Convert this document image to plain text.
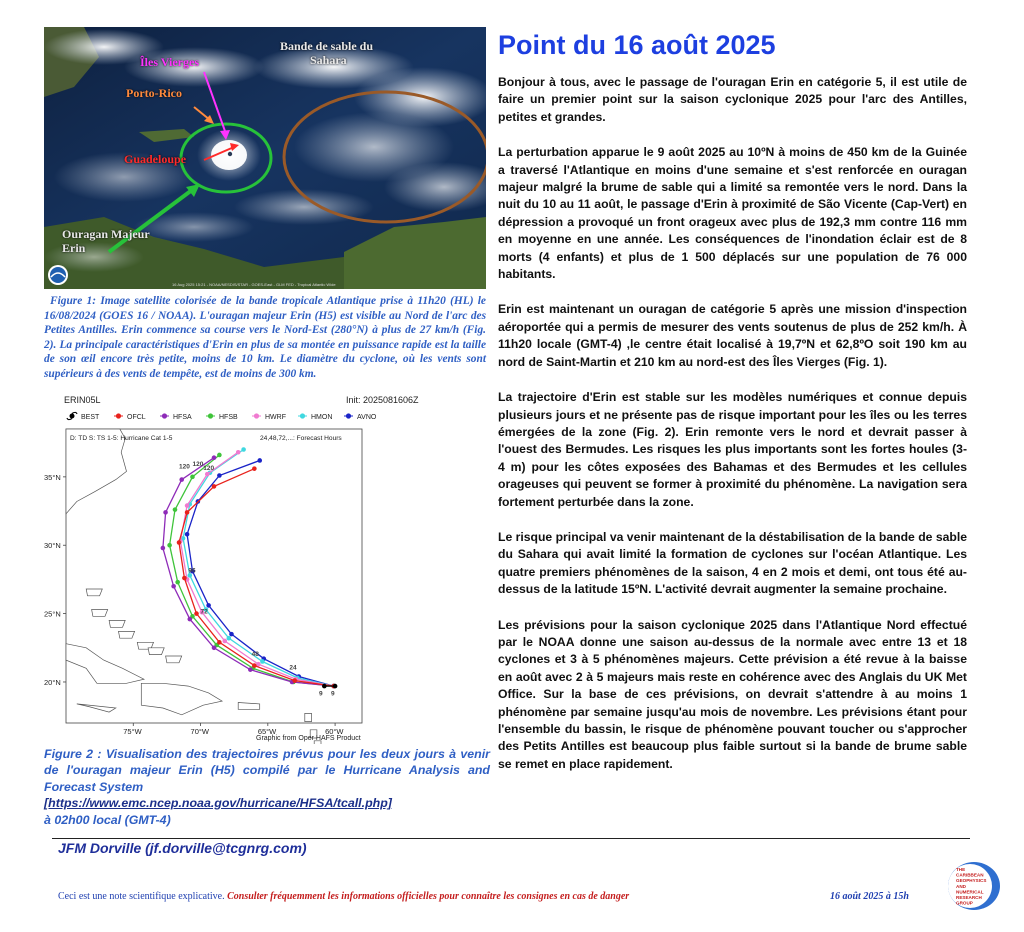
Îles Vierges
Porto-Rico
Guadeloupe
Ouragan Majeur
Erin
Bande de sable du
Sahara
16 Aug 2025 15:21 - NOAA/NESDIS/STAR - GOES-East - GLM FED - Tropical Atlantic Wide

Figure 1: Image satellite colorisée de la bande tropicale Atlantique prise à 11h20 (HL) le 16/08/2024 (GOES 16 / NOAA). L'ouragan majeur Erin (H5) est visible au Nord de l'arc des Petites Antilles. Erin commence sa course vers le Nord-Est (280°N) à plus de 27 km/h (Fig. 2). La principale caractéristiques d'Erin en plus de sa montée en puissance rapide est la taille de son œil encore très petite, moins de 10 km. Le diamètre du cyclone, où les vents sont supérieurs à des vents de tempête, est de moins de 300 km.

ERIN05L	Init: 2025081606Z
BEST	OFCL	HFSA	HFSB	HWRF	HMON	AVNO
D: TD S: TS 1-5: Hurricane Cat 1-5	24,48,72,...: Forecast Hours
75°W	70°W	65°W	60°W
20°N
25°N
30°N
35°N
120 120
120
72
96
48
24
9 9
Graphic from Oper HAFS Product

Figure 2 : Visualisation des trajectoires prévus pour les deux jours à venir de l'ouragan majeur Erin (H5) compilé par le Hurricane Analysis and Forecast System

[https://www.emc.ncep.noaa.gov/hurricane/HFSA/tcall.php]
à 02h00 local (GMT-4)
Point du 16 août 2025

Bonjour à tous, avec le passage de l'ouragan Erin en catégorie 5, il est utile de faire un premier point sur la saison cyclonique 2025 pour l'arc des Antilles, petites et grandes.

La perturbation apparue le 9 août 2025 au 10ºN à moins de 450 km de la Guinée a traversé l'Atlantique en moins d'une semaine et s'est renforcée en ouragan majeur malgré la brume de sable qui a limité sa remontée vers le nord. Dans la nuit du 10 au 11 août, le passage d'Erin à proximité de São Vicente (Cap-Vert) en dépression a provoqué un front orageux avec plus de 192,3 mm contre 116 mm en moyenne en une année. Les conséquences de l'inondation éclair est de 8 morts (4 enfants) et plus de 1 500 déplacés sur une population de 76 000 habitants.

Erin est maintenant un ouragan de catégorie 5 après une mission d'inspection aéroportée qui a permis de mesurer des vents soutenus de plus de 252 km/h. À 11h20 locale (GMT-4) ,le centre était localisé à 19,7ºN et 62,8ºO soit 190 km au nord de Saint-Martin et 210 km au nord-est des Îles Vierges (Fig. 1).

La trajectoire d'Erin est stable sur les modèles numériques et connue depuis plusieurs jours et ne présente pas de risque important pour les îles ou les terres émergées de la zone (Fig. 2). Erin remonte vers le nord et devrait passer à l'ouest des Bermudes. Les risques les plus importants sont les fortes houles (3-4 m) pour les côtes exposées des Bahamas et des Bermudes et les cellules orageuses qui peuvent se former à proximité du phénomène. La navigation sera fortement perturbée dans la zone.

Le risque principal va venir maintenant de la déstabilisation de la bande de sable du Sahara qui avait limité la formation de cyclones sur l'océan Atlantique. Les quatre premiers phénomènes de la saison, 4 en 2 mois et demi, ont tous été au-dessus de la latitude 15ºN. L'activité devrait augmenter la semaine prochaine.

Les prévisions pour la saison cyclonique 2025 dans l'Atlantique Nord effectué par le NOAA donne une saison au-dessus de la normale avec entre 13 et 18 cyclones et 3 à 5 phénomènes majeurs. Cette prévision a été revue à la baisse en août avec 2 à 5 majeurs mais reste en cohérence avec des Anglais du UK Met Office. Sur la base de ces prévisions, on devrait s'attendre à au moins 1 phénomène par semaine jusqu'au mois de novembre. Les prévisions étant pour l'ensemble du bassin, le risque de phénomène pouvant toucher ou s'approcher des Petits Antilles est beaucoup plus faible surtout si la bande de brume sable se remet en place rapidement.

JFM Dorville (jf.dorville@tcgnrg.com)
Ceci est une note scientifique explicative. Consulter fréquemment les informations officielles pour connaître les consignes en cas de danger	16 août 2025 à 15h
THE
CARIBBEAN
GEOPHYSICS
AND
NUMERICAL
RESEARCH
GROUP
